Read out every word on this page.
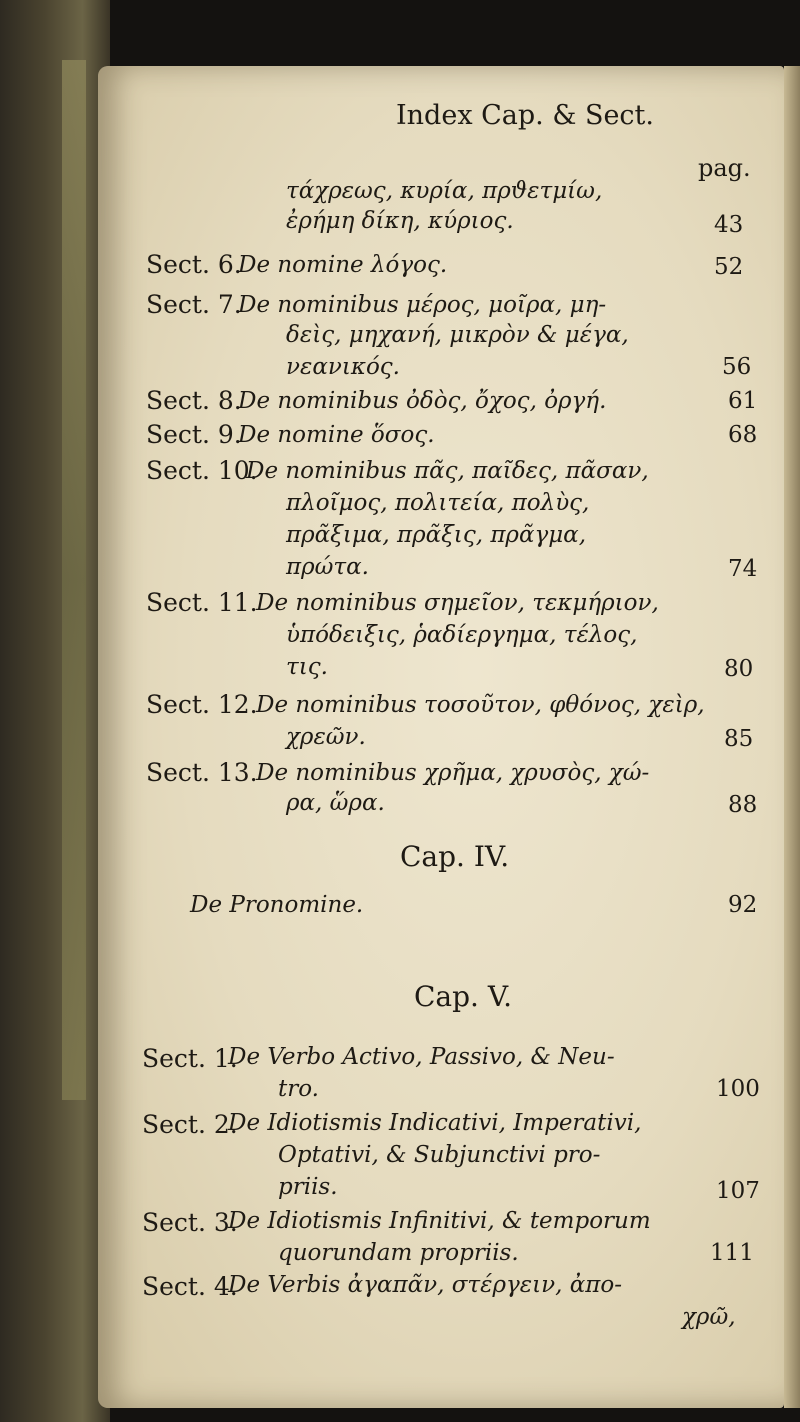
Index Cap. & Sect.
pag.
τάχρεως, κυρία, πρϑετμίω,
ἐρήμη δίκη, κύριος.	43
Sect. 6.
De nomine λόγος.	52
Sect. 7.
De nominibus μέρος, μοῖρα, μη-
δεὶς, μηχανή, μικρὸν & μέγα,
νεανικός.	56
Sect. 8.
De nominibus ὀδὸς, ὄχος, ὀργή.	61
Sect. 9.
De nomine ὅσος.	68
Sect. 10.
De nominibus πᾶς, παῖδες, πᾶσαν,
πλοῖμος, πολιτεία, πολὺς,
πρᾶξιμα, πρᾶξις, πρᾶγμα,
πρώτα.	74
Sect. 11.
De nominibus σημεῖον, τεκμήριον,
ὑπόδειξις, ῥαδίεργημα, τέλος,
τις.	80
Sect. 12.
De nominibus τοσοῦτον, φθόνος, χεὶρ,
χρεῶν.	85
Sect. 13.
De nominibus χρῆμα, χρυσὸς, χώ-
ρα, ὥρα.	88
Cap. IV.
De Pronomine.	92
Cap. V.
Sect. 1.
De Verbo Activo, Passivo, & Neu-
tro.	100
Sect. 2.
De Idiotismis Indicativi, Imperativi,
Optativi, & Subjunctivi pro-
priis.	107
Sect. 3.
De Idiotismis Infinitivi, & temporum
quorundam propriis.	111
Sect. 4.
De Verbis ἀγαπᾶν, στέργειν, ἀπο-
χρῶ,
